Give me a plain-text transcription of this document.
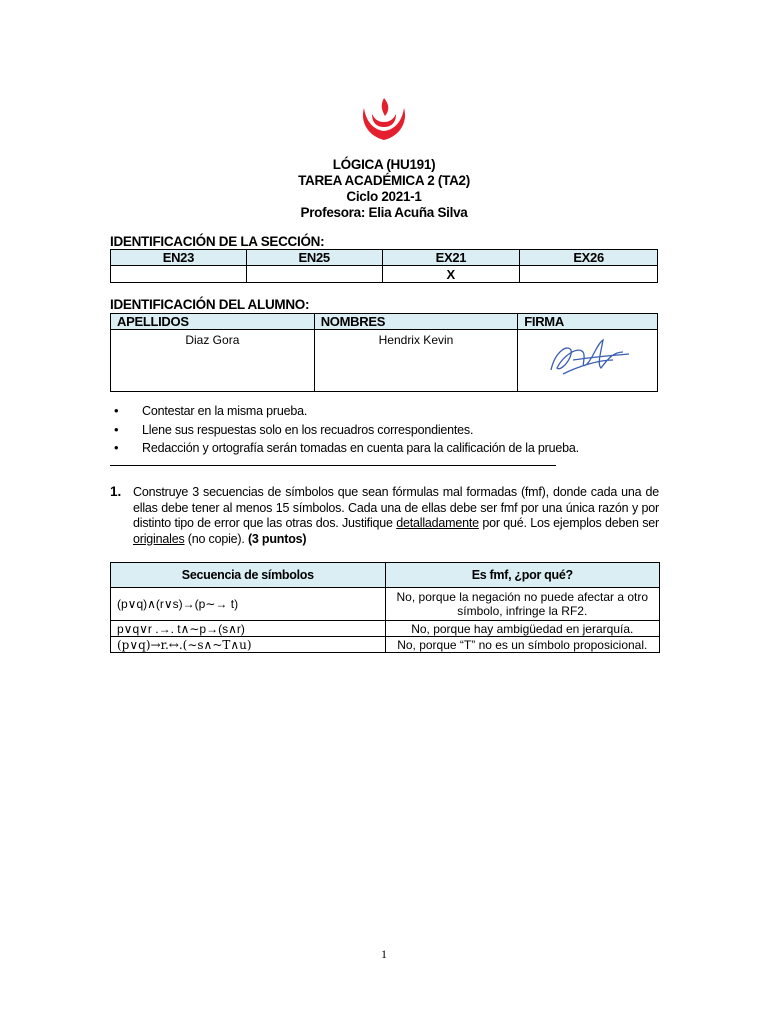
LÓGICA (HU191)
TAREA ACADÉMICA 2 (TA2)
Ciclo 2021-1
Profesora: Elia Acuña Silva
IDENTIFICACIÓN DE LA SECCIÓN:
EN23	EN25	EX21	EX26
		X	
IDENTIFICACIÓN DEL ALUMNO:
APELLIDOS	NOMBRES	FIRMA
Diaz Gora	Hendrix Kevin	
• Contestar en la misma prueba.
• Llene sus respuestas solo en los recuadros correspondientes.
• Redacción y ortografía serán tomadas en cuenta para la calificación de la prueba.
1. Construye 3 secuencias de símbolos que sean fórmulas mal formadas (fmf), donde cada una de ellas debe tener al menos 15 símbolos. Cada una de ellas debe ser fmf por una única razón y por distinto tipo de error que las otras dos. Justifique detalladamente por qué. Los ejemplos deben ser originales (no copie). (3 puntos)
Secuencia de símbolos	Es fmf, ¿por qué?
(p∨q)∧(r∨s)→(p∼→ t)	No, porque la negación no puede afectar a otro símbolo, infringe la RF2.
p∨q∨r .→. t∧∼p→(s∧r)	No, porque hay ambigüedad en jerarquía.
(p∨q)→r.↔.(∼s∧~T∧u)	No, porque “T” no es un símbolo proposicional.
1
